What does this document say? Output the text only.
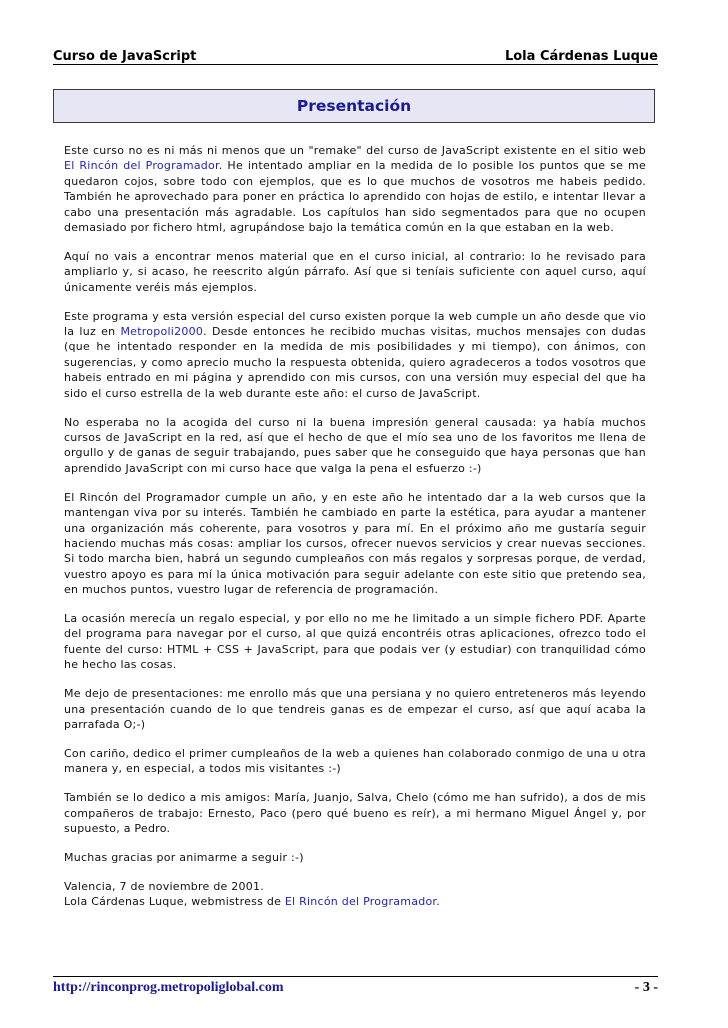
Curso de JavaScript	Lola Cárdenas Luque
Presentación

Este curso no es ni más ni menos que un "remake" del curso de JavaScript existente en el sitio web El Rincón del Programador. He intentado ampliar en la medida de lo posible los puntos que se me quedaron cojos, sobre todo con ejemplos, que es lo que muchos de vosotros me habeis pedido. También he aprovechado para poner en práctica lo aprendido con hojas de estilo, e intentar llevar a cabo una presentación más agradable. Los capítulos han sido segmentados para que no ocupen demasiado por fichero html, agrupándose bajo la temática común en la que estaban en la web.

Aquí no vais a encontrar menos material que en el curso inicial, al contrario: lo he revisado para ampliarlo y, si acaso, he reescrito algún párrafo. Así que si teníais suficiente con aquel curso, aquí únicamente veréis más ejemplos.

Este programa y esta versión especial del curso existen porque la web cumple un año desde que vio la luz en Metropoli2000. Desde entonces he recibido muchas visitas, muchos mensajes con dudas (que he intentado responder en la medida de mis posibilidades y mi tiempo), con ánimos, con sugerencias, y como aprecio mucho la respuesta obtenida, quiero agradeceros a todos vosotros que habeis entrado en mi página y aprendido con mis cursos, con una versión muy especial del que ha sido el curso estrella de la web durante este año: el curso de JavaScript.

No esperaba no la acogida del curso ni la buena impresión general causada: ya había muchos cursos de JavaScript en la red, así que el hecho de que el mío sea uno de los favoritos me llena de orgullo y de ganas de seguir trabajando, pues saber que he conseguido que haya personas que han aprendido JavaScript con mi curso hace que valga la pena el esfuerzo :-)

El Rincón del Programador cumple un año, y en este año he intentado dar a la web cursos que la mantengan viva por su interés. También he cambiado en parte la estética, para ayudar a mantener una organización más coherente, para vosotros y para mí. En el próximo año me gustaría seguir haciendo muchas más cosas: ampliar los cursos, ofrecer nuevos servicios y crear nuevas secciones. Si todo marcha bien, habrá un segundo cumpleaños con más regalos y sorpresas porque, de verdad, vuestro apoyo es para mí la única motivación para seguir adelante con este sitio que pretendo sea, en muchos puntos, vuestro lugar de referencia de programación.

La ocasión merecía un regalo especial, y por ello no me he limitado a un simple fichero PDF. Aparte del programa para navegar por el curso, al que quizá encontréis otras aplicaciones, ofrezco todo el fuente del curso: HTML + CSS + JavaScript, para que podais ver (y estudiar) con tranquilidad cómo he hecho las cosas.

Me dejo de presentaciones: me enrollo más que una persiana y no quiero entreteneros más leyendo una presentación cuando de lo que tendreis ganas es de empezar el curso, así que aquí acaba la parrafada O;-)

Con cariño, dedico el primer cumpleaños de la web a quienes han colaborado conmigo de una u otra manera y, en especial, a todos mis visitantes :-)

También se lo dedico a mis amigos: María, Juanjo, Salva, Chelo (cómo me han sufrido), a dos de mis compañeros de trabajo: Ernesto, Paco (pero qué bueno es reír), a mi hermano Miguel Ángel y, por supuesto, a Pedro.

Muchas gracias por animarme a seguir :-)

Valencia, 7 de noviembre de 2001.
Lola Cárdenas Luque, webmistress de El Rincón del Programador.

http://rinconprog.metropoliglobal.com	- 3 -
